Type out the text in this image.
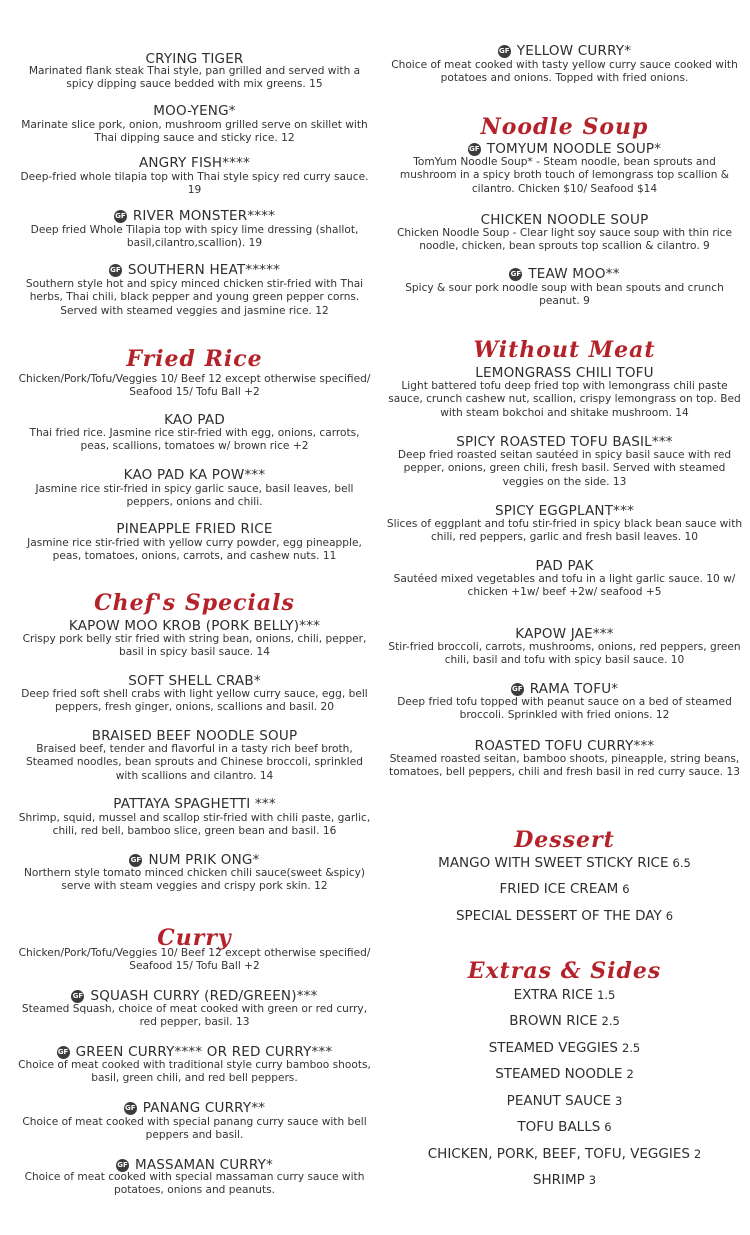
CRYING TIGER
Marinated flank steak Thai style, pan grilled and served with a spicy dipping sauce bedded with mix greens. 15
MOO-YENG*
Marinate slice pork, onion, mushroom grilled serve on skillet with Thai dipping sauce and sticky rice. 12
ANGRY FISH****
Deep-fried whole tilapia top with Thai style spicy red curry sauce. 19
GF RIVER MONSTER****
Deep fried Whole Tilapia top with spicy lime dressing (shallot, basil,cilantro,scallion). 19
GF SOUTHERN HEAT*****
Southern style hot and spicy minced chicken stir-fried with Thai herbs, Thai chili, black pepper and young green pepper corns. Served with steamed veggies and jasmine rice. 12
Fried Rice
Chicken/Pork/Tofu/Veggies 10/ Beef 12 except otherwise specified/ Seafood 15/ Tofu Ball +2
KAO PAD
Thai fried rice. Jasmine rice stir-fried with egg, onions, carrots, peas, scallions, tomatoes w/ brown rice +2
KAO PAD KA POW***
Jasmine rice stir-fried in spicy garlic sauce, basil leaves, bell peppers, onions and chili.
PINEAPPLE FRIED RICE
Jasmine rice stir-fried with yellow curry powder, egg pineapple, peas, tomatoes, onions, carrots, and cashew nuts. 11
Chef's Specials
KAPOW MOO KROB (PORK BELLY)***
Crispy pork belly stir fried with string bean, onions, chili, pepper, basil in spicy basil sauce. 14
SOFT SHELL CRAB*
Deep fried soft shell crabs with light yellow curry sauce, egg, bell peppers, fresh ginger, onions, scallions and basil. 20
BRAISED BEEF NOODLE SOUP
Braised beef, tender and flavorful in a tasty rich beef broth, Steamed noodles, bean sprouts and Chinese broccoli, sprinkled with scallions and cilantro. 14
PATTAYA SPAGHETTI ***
Shrimp, squid, mussel and scallop stir-fried with chili paste, garlic, chili, red bell, bamboo slice, green bean and basil. 16
GF NUM PRIK ONG*
Northern style tomato minced chicken chili sauce(sweet &spicy) serve with steam veggies and crispy pork skin. 12
Curry
Chicken/Pork/Tofu/Veggies 10/ Beef 12 except otherwise specified/ Seafood 15/ Tofu Ball +2
GF SQUASH CURRY (RED/GREEN)***
Steamed Squash, choice of meat cooked with green or red curry, red pepper, basil. 13
GF GREEN CURRY**** OR RED CURRY***
Choice of meat cooked with traditional style curry bamboo shoots, basil, green chili, and red bell peppers.
GF PANANG CURRY**
Choice of meat cooked with special panang curry sauce with bell peppers and basil.
GF MASSAMAN CURRY*
Choice of meat cooked with special massaman curry sauce with potatoes, onions and peanuts.
GF YELLOW CURRY*
Choice of meat cooked with tasty yellow curry sauce cooked with potatoes and onions. Topped with fried onions.
Noodle Soup
GF TOMYUM NOODLE SOUP*
TomYum Noodle Soup* - Steam noodle, bean sprouts and mushroom in a spicy broth touch of lemongrass top scallion & cilantro. Chicken $10/ Seafood $14
CHICKEN NOODLE SOUP
Chicken Noodle Soup - Clear light soy sauce soup with thin rice noodle, chicken, bean sprouts top scallion & cilantro. 9
GF TEAW MOO**
Spicy & sour pork noodle soup with bean spouts and crunch peanut. 9
Without Meat
LEMONGRASS CHILI TOFU
Light battered tofu deep fried top with lemongrass chili paste sauce, crunch cashew nut, scallion, crispy lemongrass on top. Bed with steam bokchoi and shitake mushroom. 14
SPICY ROASTED TOFU BASIL***
Deep fried roasted seitan sautéed in spicy basil sauce with red pepper, onions, green chili, fresh basil. Served with steamed veggies on the side. 13
SPICY EGGPLANT***
Slices of eggplant and tofu stir-fried in spicy black bean sauce with chili, red peppers, garlic and fresh basil leaves. 10
PAD PAK
Sautéed mixed vegetables and tofu in a light garlic sauce. 10 w/ chicken +1w/ beef +2w/ seafood +5
KAPOW JAE***
Stir-fried broccoli, carrots, mushrooms, onions, red peppers, green chili, basil and tofu with spicy basil sauce. 10
GF RAMA TOFU*
Deep fried tofu topped with peanut sauce on a bed of steamed broccoli. Sprinkled with fried onions. 12
ROASTED TOFU CURRY***
Steamed roasted seitan, bamboo shoots, pineapple, string beans, tomatoes, bell peppers, chili and fresh basil in red curry sauce. 13
Dessert
MANGO WITH SWEET STICKY RICE 6.5
FRIED ICE CREAM 6
SPECIAL DESSERT OF THE DAY 6
Extras & Sides
EXTRA RICE 1.5
BROWN RICE 2.5
STEAMED VEGGIES 2.5
STEAMED NOODLE 2
PEANUT SAUCE 3
TOFU BALLS 6
CHICKEN, PORK, BEEF, TOFU, VEGGIES 2
SHRIMP 3
